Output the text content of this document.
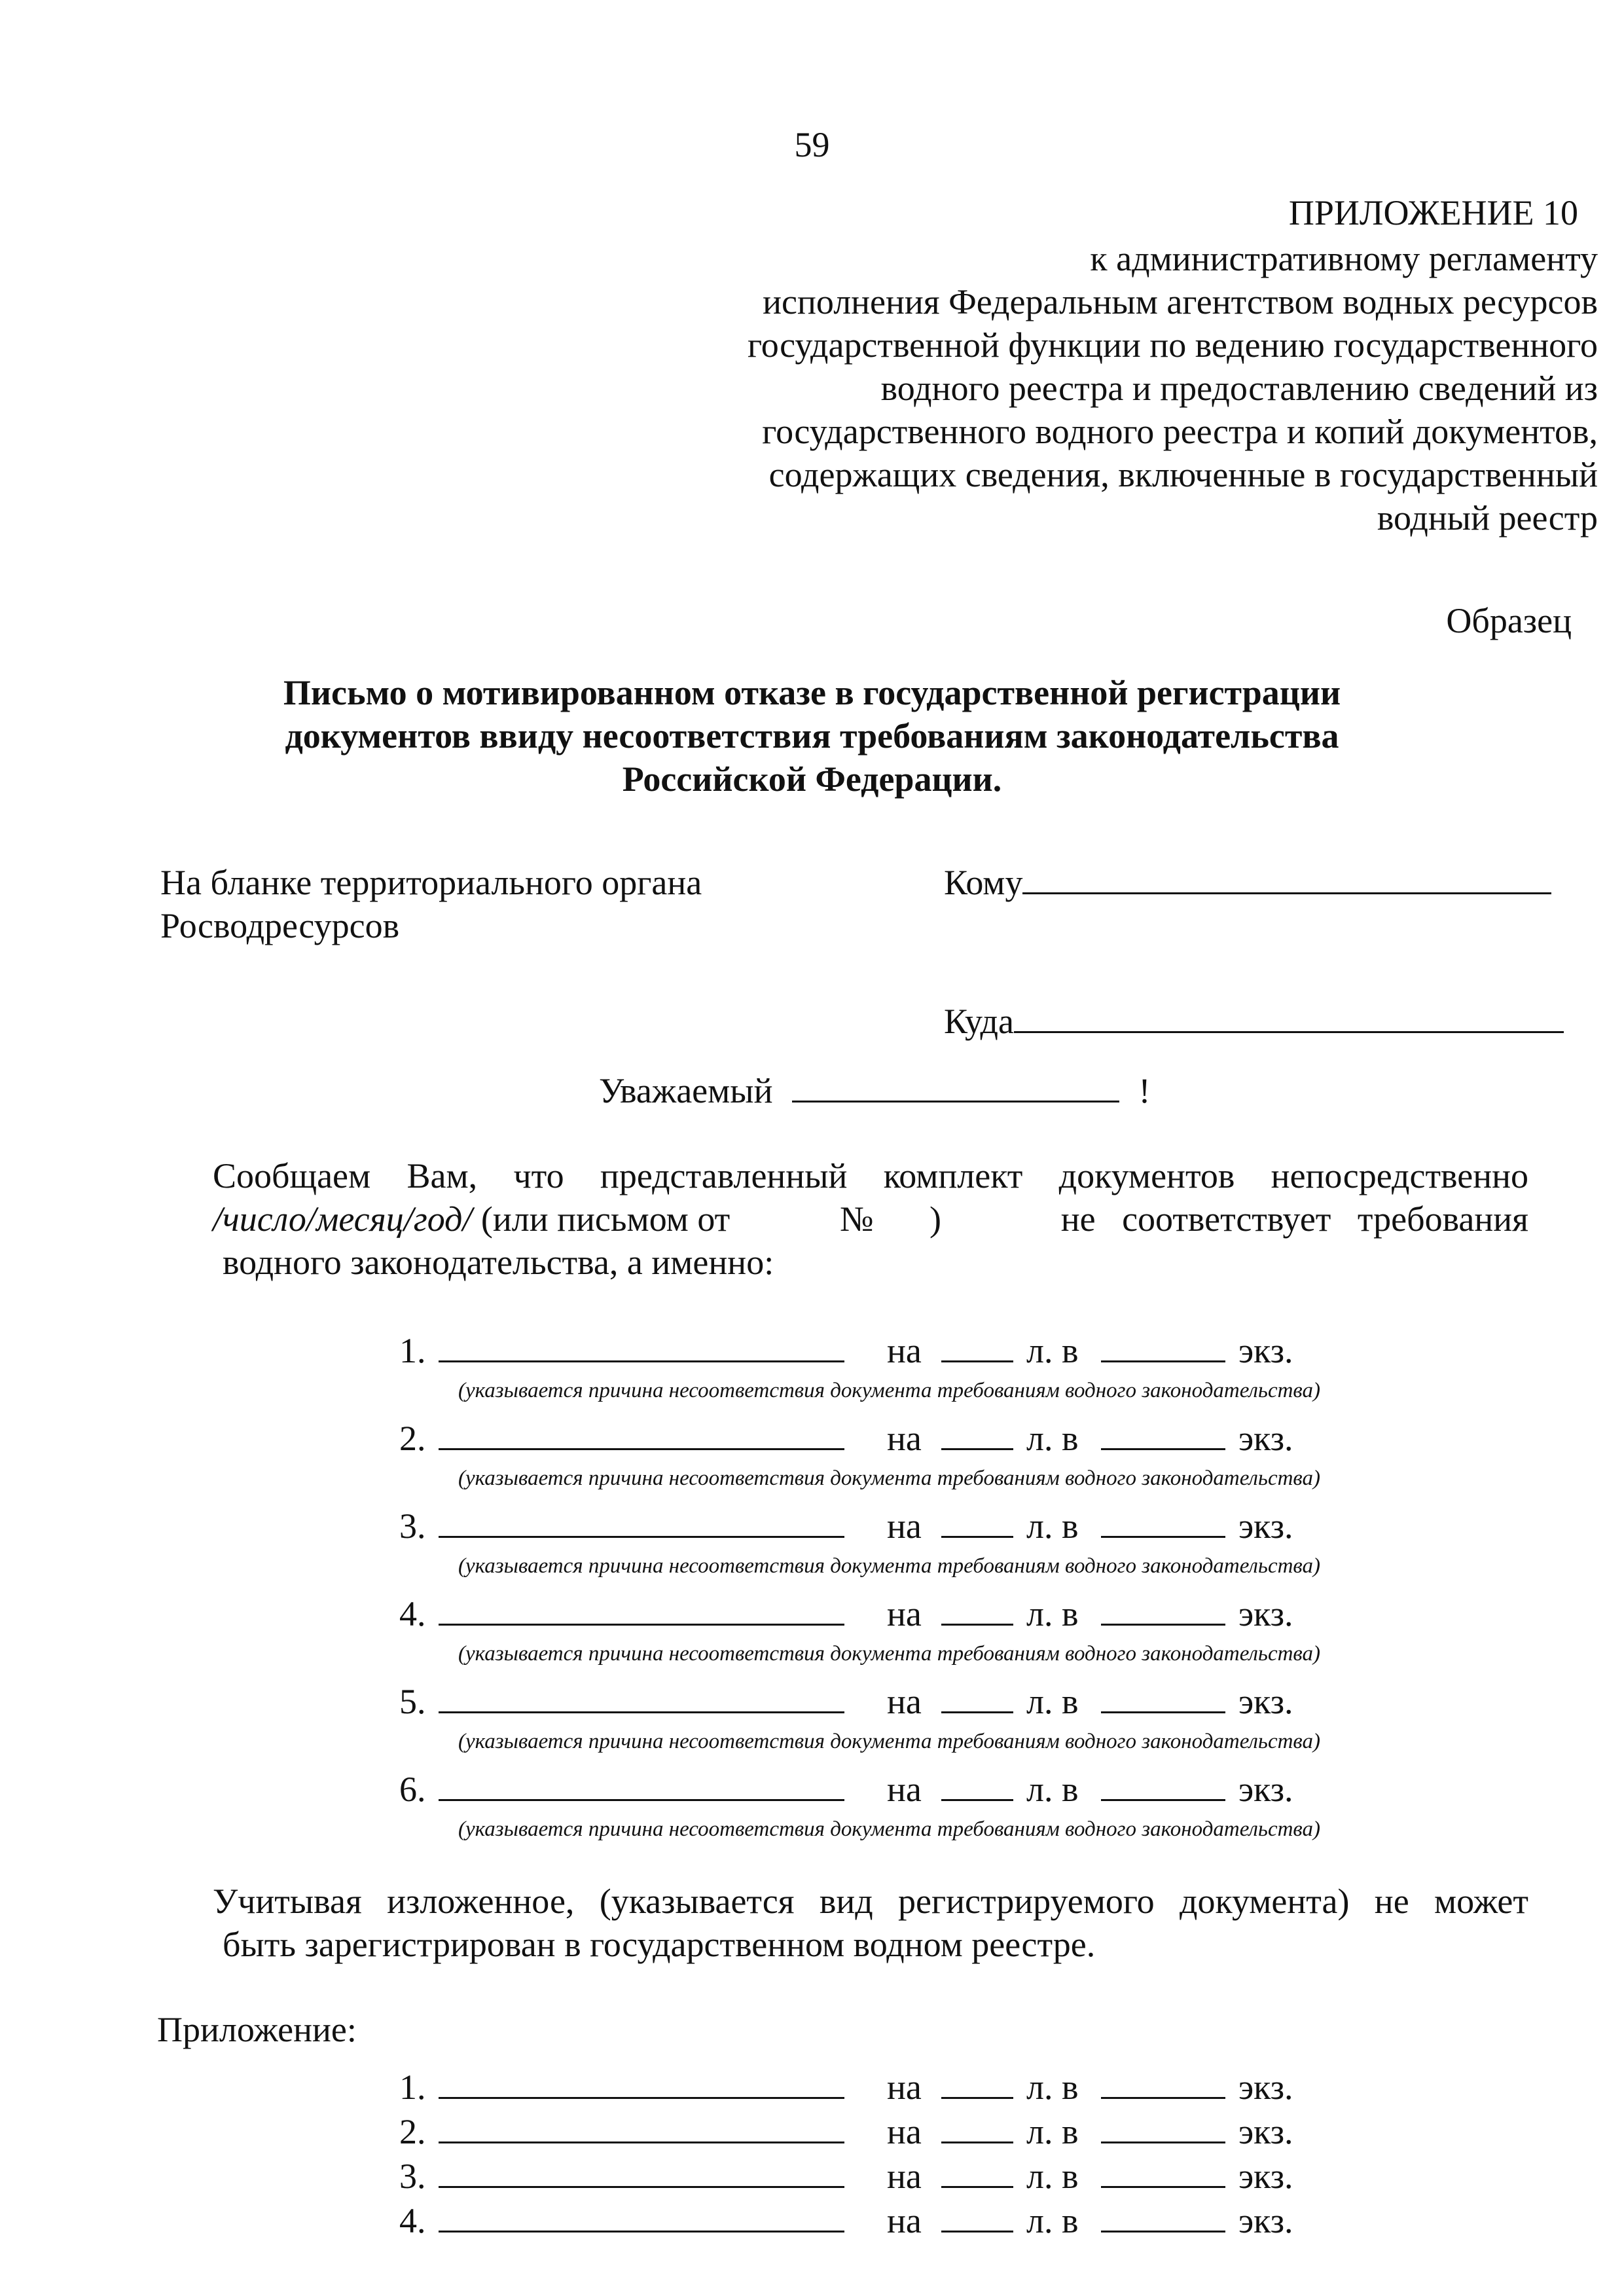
59
ПРИЛОЖЕНИЕ 10
к административному регламенту
исполнения Федеральным агентством водных ресурсов
государственной функции по ведению государственного
водного реестра и предоставлению сведений из
государственного водного реестра и копий документов,
содержащих сведения, включенные в государственный
водный реестр
Образец
Письмо о мотивированном отказе в государственной регистрации
документов ввиду несоответствия требованиям законодательства
Российской Федерации.
На бланке территориального органа
Росводресурсов
Кому
Куда
Уважаемый	!
Сообщаем Вам, что представленный комплект документов непосредственно
/число/месяц/год/ (или письмом от	№ )	не   соответствует   требования
водного законодательства, а именно:
1.	на	л. в	экз.
(указывается причина несоответствия документа требованиям водного законодательства)
2.	на	л. в	экз.
(указывается причина несоответствия документа требованиям водного законодательства)
3.	на	л. в	экз.
(указывается причина несоответствия документа требованиям водного законодательства)
4.	на	л. в	экз.
(указывается причина несоответствия документа требованиям водного законодательства)
5.	на	л. в	экз.
(указывается причина несоответствия документа требованиям водного законодательства)
6.	на	л. в	экз.
(указывается причина несоответствия документа требованиям водного законодательства)
Учитывая изложенное, (указывается вид регистрируемого документа) не может
быть зарегистрирован в государственном водном реестре.
Приложение:
1.	на	л. в	экз.
2.	на	л. в	экз.
3.	на	л. в	экз.
4.	на	л. в	экз.
